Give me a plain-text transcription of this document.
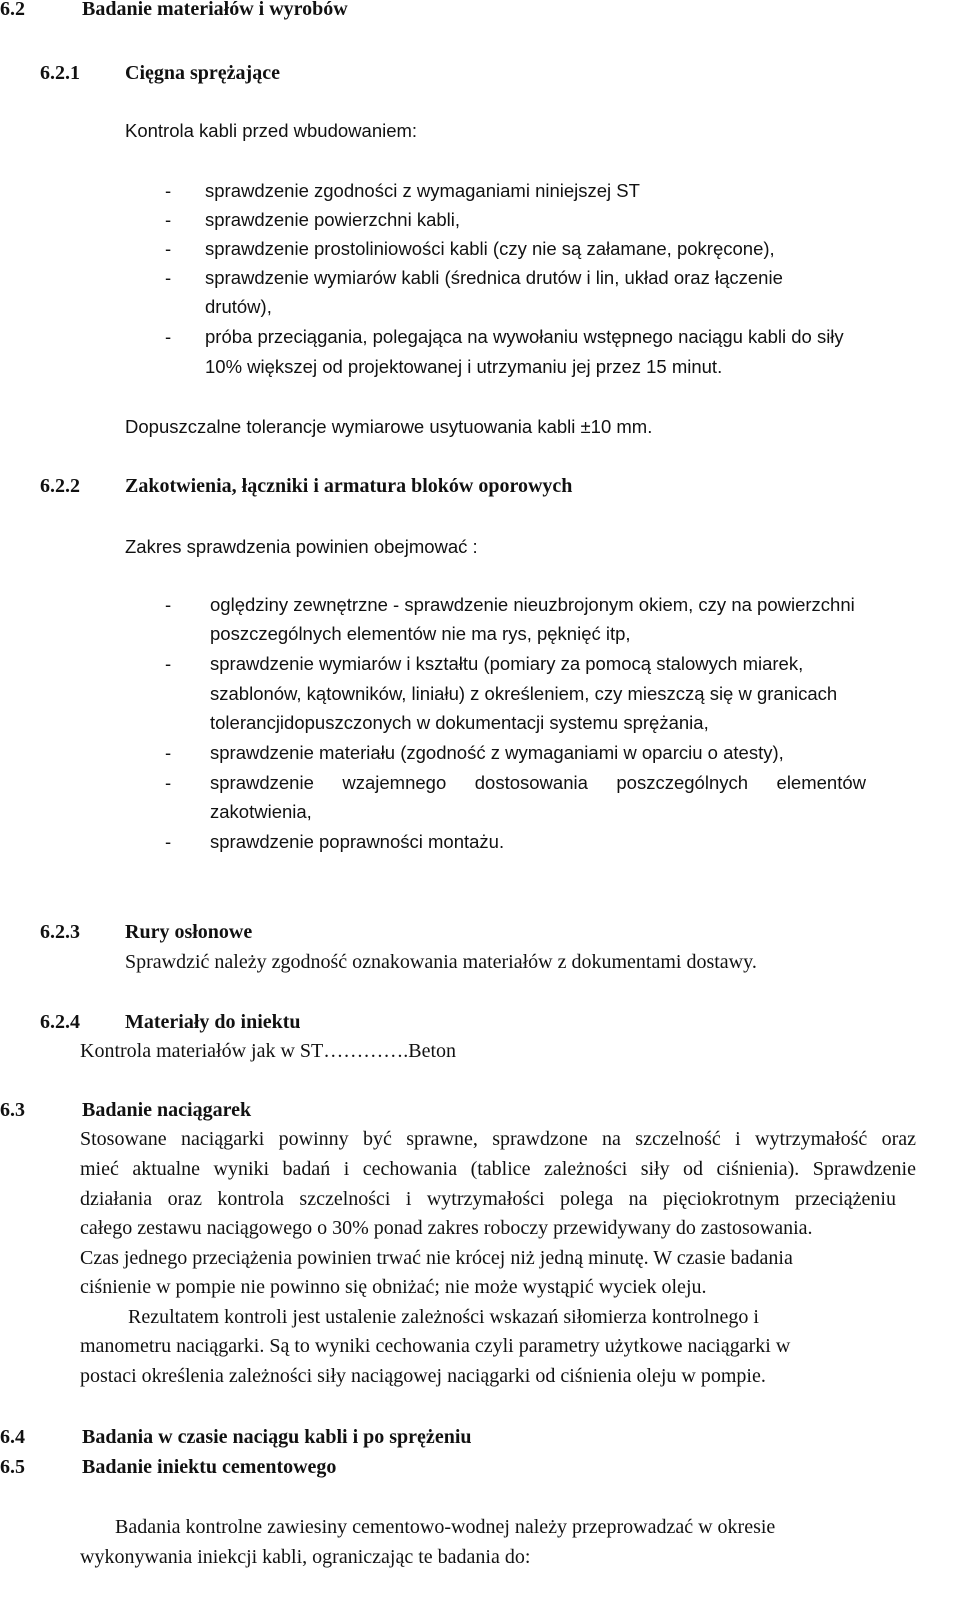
6.2	Badanie materiałów i wyrobów
6.2.1 Cięgna sprężające
Kontrola kabli przed wbudowaniem:
- sprawdzenie zgodności z wymaganiami niniejszej ST
- sprawdzenie powierzchni kabli,
- sprawdzenie prostoliniowości kabli (czy nie są załamane, pokręcone),
- sprawdzenie wymiarów kabli (średnica drutów i lin, układ oraz łączenie
drutów),
- próba przeciągania, polegająca na wywołaniu wstępnego naciągu kabli do siły
10% większej od projektowanej i utrzymaniu jej przez 15 minut.
Dopuszczalne tolerancje wymiarowe usytuowania kabli ±10 mm.
6.2.2 Zakotwienia, łączniki i armatura bloków oporowych
Zakres sprawdzenia powinien obejmować :
- oględziny zewnętrzne - sprawdzenie nieuzbrojonym okiem, czy na powierzchni
poszczególnych elementów nie ma rys, pęknięć itp,
- sprawdzenie wymiarów i kształtu (pomiary za pomocą stalowych miarek,
szablonów, kątowników, liniału) z określeniem, czy mieszczą się w granicach
tolerancjidopuszczonych w dokumentacji systemu sprężania,
- sprawdzenie materiału (zgodność z wymaganiami w oparciu o atesty),
- sprawdzenie wzajemnego dostosowania poszczególnych elementów
zakotwienia,
- sprawdzenie poprawności montażu.
6.2.3 Rury osłonowe
Sprawdzić należy zgodność oznakowania materiałów z dokumentami dostawy.
6.2.4 Materiały do iniektu
Kontrola materiałów jak w ST………….Beton
6.3	Badanie naciągarek
Stosowane naciągarki powinny być sprawne, sprawdzone na szczelność i wytrzymałość oraz
mieć aktualne wyniki badań i cechowania (tablice zależności siły od ciśnienia). Sprawdzenie
działania oraz kontrola szczelności i wytrzymałości polega na pięciokrotnym przeciążeniu
całego zestawu naciągowego o 30% ponad zakres roboczy przewidywany do zastosowania.
Czas jednego przeciążenia powinien trwać nie krócej niż jedną minutę. W czasie badania
ciśnienie w pompie nie powinno się obniżać; nie może wystąpić wyciek oleju.
Rezultatem kontroli jest ustalenie zależności wskazań siłomierza kontrolnego i
manometru naciągarki. Są to wyniki cechowania czyli parametry użytkowe naciągarki w
postaci określenia zależności siły naciągowej naciągarki od ciśnienia oleju w pompie.
6.4	Badania w czasie naciągu kabli i po sprężeniu
6.5	Badanie iniektu cementowego
Badania kontrolne zawiesiny cementowo-wodnej należy przeprowadzać w okresie
wykonywania iniekcji kabli, ograniczając te badania do:
